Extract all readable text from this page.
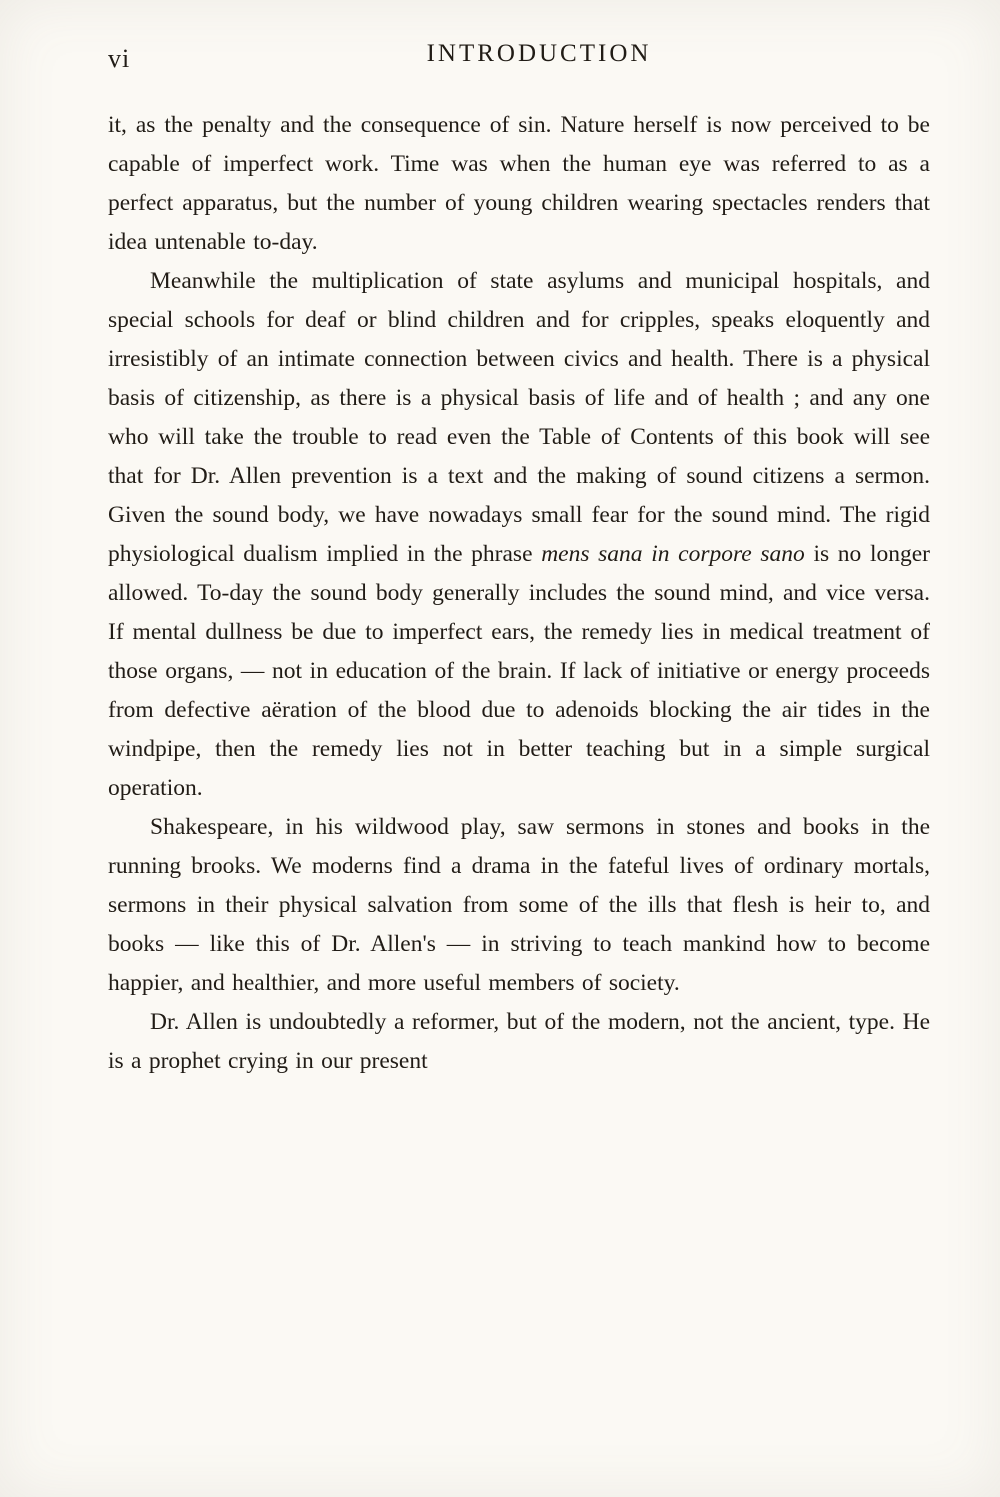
vi	INTRODUCTION

it, as the penalty and the consequence of sin. Nature herself is now perceived to be capable of imperfect work. Time was when the human eye was referred to as a perfect apparatus, but the number of young children wearing spectacles renders that idea untenable to-day.

Meanwhile the multiplication of state asylums and municipal hospitals, and special schools for deaf or blind children and for cripples, speaks eloquently and irresistibly of an intimate connection between civics and health. There is a physical basis of citizenship, as there is a physical basis of life and of health ; and any one who will take the trouble to read even the Table of Contents of this book will see that for Dr. Allen prevention is a text and the making of sound citizens a sermon. Given the sound body, we have nowadays small fear for the sound mind. The rigid physiological dualism implied in the phrase mens sana in corpore sano is no longer allowed. To-day the sound body generally includes the sound mind, and vice versa. If mental dullness be due to imperfect ears, the remedy lies in medical treatment of those organs, — not in education of the brain. If lack of initiative or energy proceeds from defective aëration of the blood due to adenoids blocking the air tides in the windpipe, then the remedy lies not in better teaching but in a simple surgical operation.

Shakespeare, in his wildwood play, saw sermons in stones and books in the running brooks. We moderns find a drama in the fateful lives of ordinary mortals, sermons in their physical salvation from some of the ills that flesh is heir to, and books — like this of Dr. Allen's — in striving to teach mankind how to become happier, and healthier, and more useful members of society.

Dr. Allen is undoubtedly a reformer, but of the modern, not the ancient, type. He is a prophet crying in our present
